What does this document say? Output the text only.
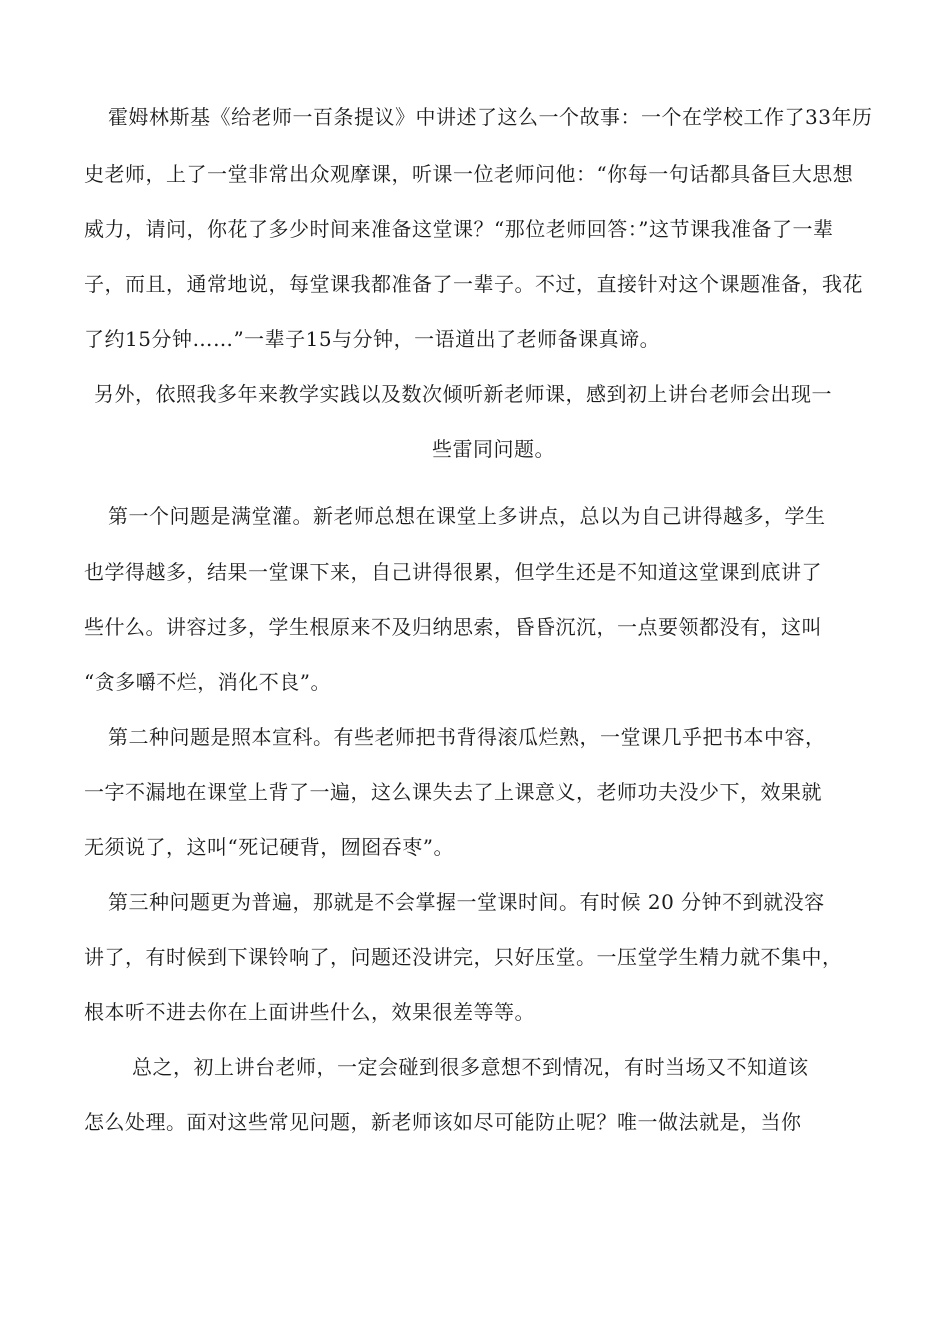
霍姆林斯基《给老师一百条提议》中讲述了这么一个故事：一个在学校工作了33年历
史老师，上了一堂非常出众观摩课，听课一位老师问他：“你每一句话都具备巨大思想
威力，请问，你花了多少时间来准备这堂课？“那位老师回答：”这节课我准备了一辈
子，而且，通常地说，每堂课我都准备了一辈子。不过，直接针对这个课题准备，我花
了约15分钟……”一辈子15与分钟，一语道出了老师备课真谛。
另外，依照我多年来教学实践以及数次倾听新老师课，感到初上讲台老师会出现一
些雷同问题。
第一个问题是满堂灌。新老师总想在课堂上多讲点，总以为自己讲得越多，学生
也学得越多，结果一堂课下来，自己讲得很累，但学生还是不知道这堂课到底讲了
些什么。讲容过多，学生根原来不及归纳思索，昏昏沉沉，一点要领都没有，这叫
“贪多嚼不烂，消化不良”。
第二种问题是照本宣科。有些老师把书背得滚瓜烂熟，一堂课几乎把书本中容，
一字不漏地在课堂上背了一遍，这么课失去了上课意义，老师功夫没少下，效果就
无须说了，这叫“死记硬背，囫囵吞枣”。
第三种问题更为普遍，那就是不会掌握一堂课时间。有时候 20 分钟不到就没容
讲了，有时候到下课铃响了，问题还没讲完，只好压堂。一压堂学生精力就不集中，
根本听不进去你在上面讲些什么，效果很差等等。
总之，初上讲台老师，一定会碰到很多意想不到情况，有时当场又不知道该
怎么处理。面对这些常见问题，新老师该如尽可能防止呢？唯一做法就是，当你
